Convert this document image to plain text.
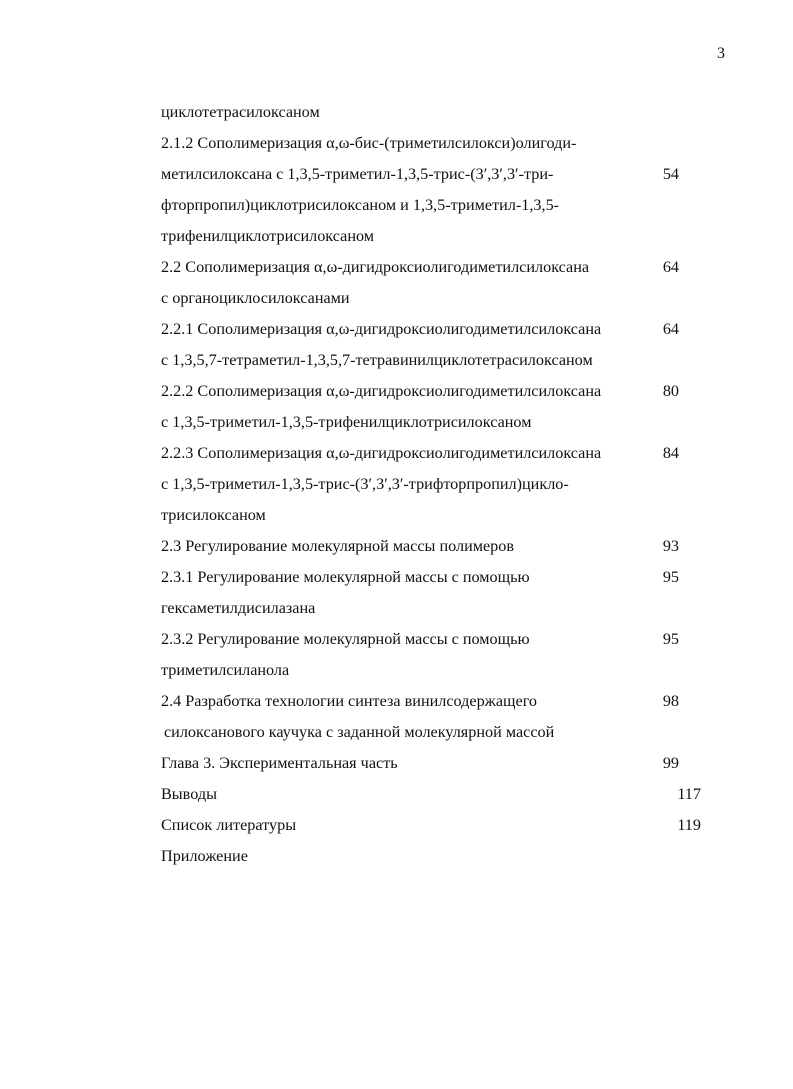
3
циклотетрасилоксаном
2.1.2 Сополимеризация α,ω-бис-(триметилсилокси)олигоди-
метилсилоксана с 1,3,5-триметил-1,3,5-трис-(3′,3′,3′-три-	54
фторпропил)циклотрисилоксаном и 1,3,5-триметил-1,3,5-
трифенилциклотрисилоксаном
2.2 Сополимеризация α,ω-дигидроксиолигодиметилсилоксана	64
с органоциклосилоксанами
2.2.1 Сополимеризация α,ω-дигидроксиолигодиметилсилоксана	64
с 1,3,5,7-тетраметил-1,3,5,7-тетравинилциклотетрасилоксаном
2.2.2 Сополимеризация α,ω-дигидроксиолигодиметилсилоксана	80
с 1,3,5-триметил-1,3,5-трифенилциклотрисилоксаном
2.2.3 Сополимеризация α,ω-дигидроксиолигодиметилсилоксана	84
с 1,3,5-триметил-1,3,5-трис-(3′,3′,3′-трифторпропил)цикло-
трисилоксаном
2.3 Регулирование молекулярной массы полимеров	93
2.3.1 Регулирование молекулярной массы с помощью	95
гексаметилдисилазана
2.3.2 Регулирование молекулярной массы с помощью	95
триметилсиланола
2.4 Разработка технологии синтеза винилсодержащего	98
силоксанового каучука с заданной молекулярной массой
Глава 3. Экспериментальная часть	99
Выводы	117
Список литературы	119
Приложение
